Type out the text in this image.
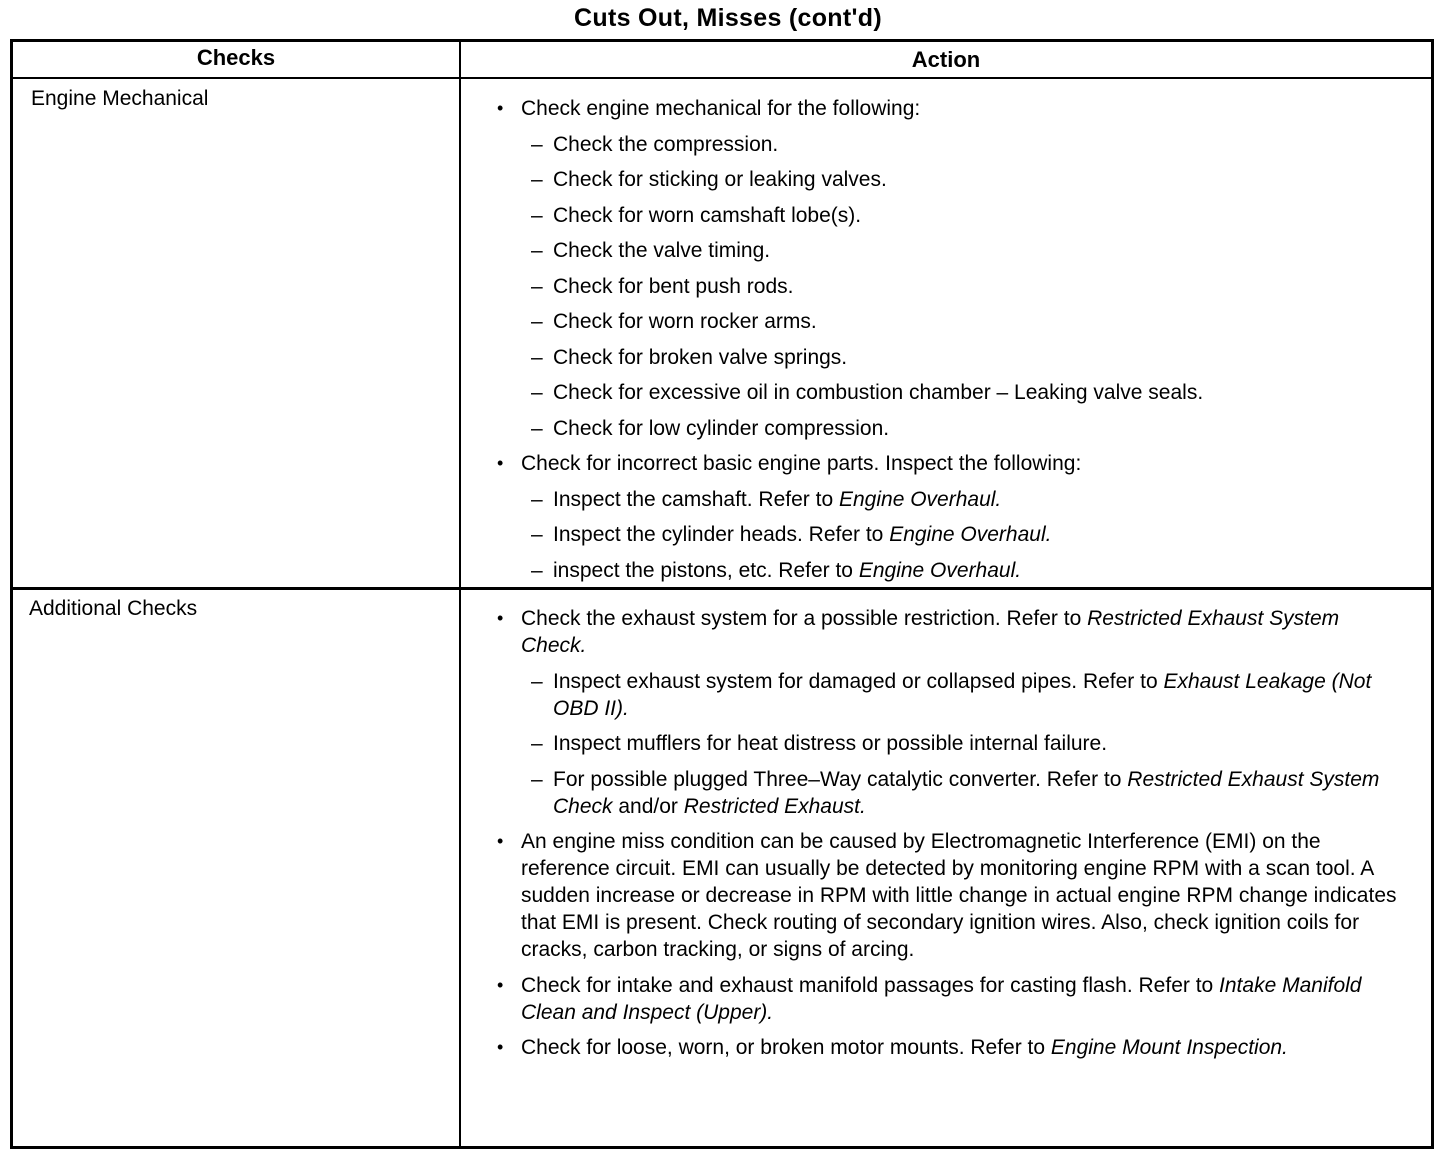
Cuts Out, Misses (cont'd)
Checks	Action
Engine Mechanical	• Check engine mechanical for the following:
– Check the compression.
– Check for sticking or leaking valves.
– Check for worn camshaft lobe(s).
– Check the valve timing.
– Check for bent push rods.
– Check for worn rocker arms.
– Check for broken valve springs.
– Check for excessive oil in combustion chamber – Leaking valve seals.
– Check for low cylinder compression.
• Check for incorrect basic engine parts. Inspect the following:
– Inspect the camshaft. Refer to Engine Overhaul.
– Inspect the cylinder heads. Refer to Engine Overhaul.
– inspect the pistons, etc. Refer to Engine Overhaul.
Additional Checks	• Check the exhaust system for a possible restriction. Refer to Restricted Exhaust System Check.
– Inspect exhaust system for damaged or collapsed pipes. Refer to Exhaust Leakage (Not OBD II).
– Inspect mufflers for heat distress or possible internal failure.
– For possible plugged Three–Way catalytic converter. Refer to Restricted Exhaust System Check and/or Restricted Exhaust.
• An engine miss condition can be caused by Electromagnetic Interference (EMI) on the reference circuit. EMI can usually be detected by monitoring engine RPM with a scan tool. A sudden increase or decrease in RPM with little change in actual engine RPM change indicates that EMI is present. Check routing of secondary ignition wires. Also, check ignition coils for cracks, carbon tracking, or signs of arcing.
• Check for intake and exhaust manifold passages for casting flash. Refer to Intake Manifold Clean and Inspect (Upper).
• Check for loose, worn, or broken motor mounts. Refer to Engine Mount Inspection.
